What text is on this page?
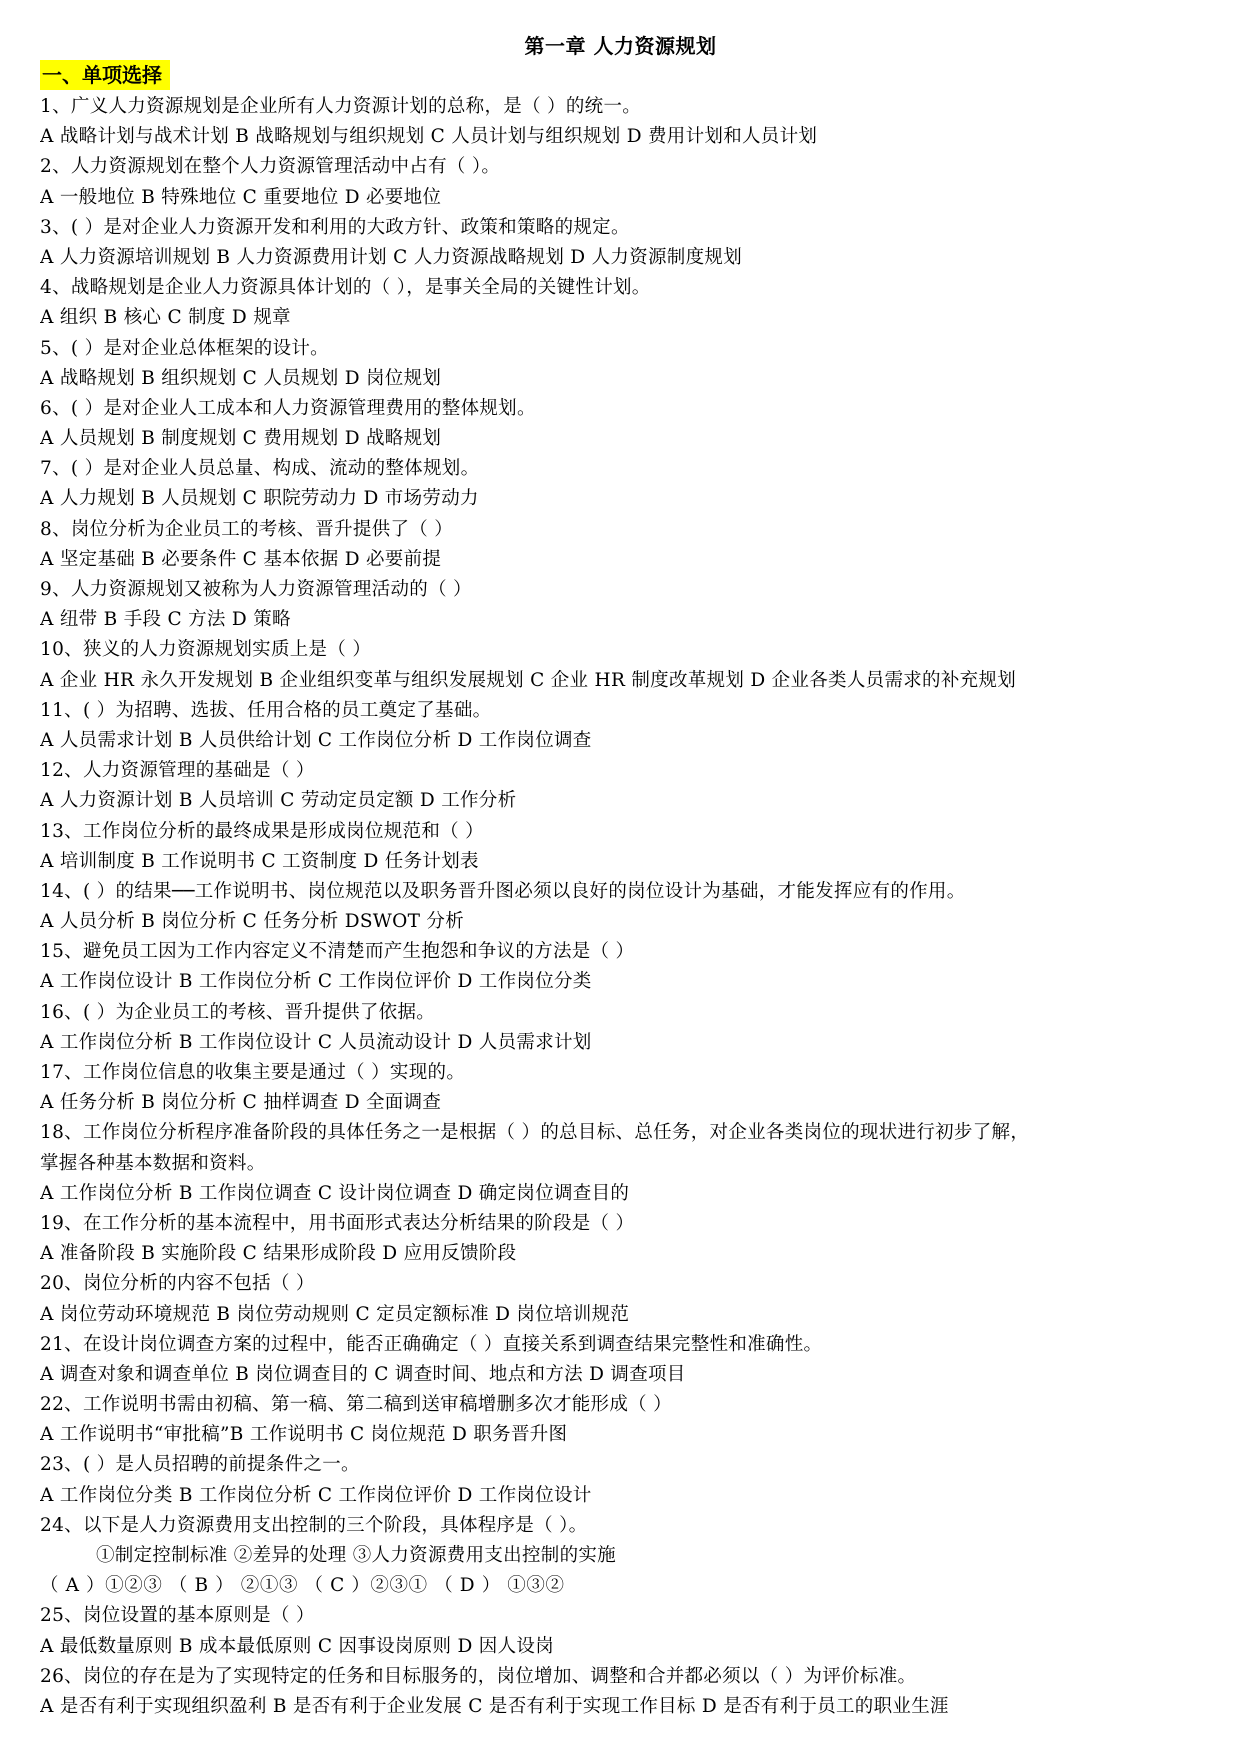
第一章 人力资源规划
一、单项选择
1、广义人力资源规划是企业所有人力资源计划的总称，是（ ）的统一。
A 战略计划与战术计划 B 战略规划与组织规划 C 人员计划与组织规划 D 费用计划和人员计划
2、人力资源规划在整个人力资源管理活动中占有（ ）。
A 一般地位 B 特殊地位 C 重要地位 D 必要地位
3、( ）是对企业人力资源开发和利用的大政方针、政策和策略的规定。
A 人力资源培训规划 B 人力资源费用计划 C 人力资源战略规划 D 人力资源制度规划
4、战略规划是企业人力资源具体计划的（ ），是事关全局的关键性计划。
A 组织 B 核心 C 制度 D 规章
5、( ）是对企业总体框架的设计。
A 战略规划 B 组织规划 C 人员规划 D 岗位规划
6、( ）是对企业人工成本和人力资源管理费用的整体规划。
A 人员规划 B 制度规划 C 费用规划 D 战略规划
7、( ）是对企业人员总量、构成、流动的整体规划。
A 人力规划 B 人员规划 C 职院劳动力 D 市场劳动力
8、岗位分析为企业员工的考核、晋升提供了（ ）
A 坚定基础 B 必要条件 C 基本依据 D 必要前提
9、人力资源规划又被称为人力资源管理活动的（ ）
A 纽带 B 手段 C 方法 D 策略
10、狭义的人力资源规划实质上是（ ）
A 企业 HR 永久开发规划 B 企业组织变革与组织发展规划 C 企业 HR 制度改革规划 D 企业各类人员需求的补充规划
11、( ）为招聘、选拔、任用合格的员工奠定了基础。
A 人员需求计划 B 人员供给计划 C 工作岗位分析 D 工作岗位调查
12、人力资源管理的基础是（ ）
A 人力资源计划 B 人员培训 C 劳动定员定额 D 工作分析
13、工作岗位分析的最终成果是形成岗位规范和（ ）
A 培训制度 B 工作说明书 C 工资制度 D 任务计划表
14、( ）的结果──工作说明书、岗位规范以及职务晋升图必须以良好的岗位设计为基础，才能发挥应有的作用。
A 人员分析 B 岗位分析 C 任务分析 DSWOT 分析
15、避免员工因为工作内容定义不清楚而产生抱怨和争议的方法是（ ）
A 工作岗位设计 B 工作岗位分析 C 工作岗位评价 D 工作岗位分类
16、( ）为企业员工的考核、晋升提供了依据。
A 工作岗位分析 B 工作岗位设计 C 人员流动设计 D 人员需求计划
17、工作岗位信息的收集主要是通过（ ）实现的。
A 任务分析 B 岗位分析 C 抽样调查 D 全面调查
18、工作岗位分析程序准备阶段的具体任务之一是根据（ ）的总目标、总任务，对企业各类岗位的现状进行初步了解，
掌握各种基本数据和资料。
A 工作岗位分析 B 工作岗位调查 C 设计岗位调查 D 确定岗位调查目的
19、在工作分析的基本流程中，用书面形式表达分析结果的阶段是（ ）
A 准备阶段 B 实施阶段 C 结果形成阶段 D 应用反馈阶段
20、岗位分析的内容不包括（ ）
A 岗位劳动环境规范 B 岗位劳动规则 C 定员定额标准 D 岗位培训规范
21、在设计岗位调查方案的过程中，能否正确确定（ ）直接关系到调查结果完整性和准确性。
A 调查对象和调查单位 B 岗位调查目的 C 调查时间、地点和方法 D 调查项目
22、工作说明书需由初稿、第一稿、第二稿到送审稿增删多次才能形成（ ）
A 工作说明书“审批稿”B 工作说明书 C 岗位规范 D 职务晋升图
23、( ）是人员招聘的前提条件之一。
A 工作岗位分类 B 工作岗位分析 C 工作岗位评价 D 工作岗位设计
24、以下是人力资源费用支出控制的三个阶段，具体程序是（ ）。
①制定控制标准 ②差异的处理 ③人力资源费用支出控制的实施
（ A ）①②③ （ B ） ②①③ （ C ）②③① （ D ） ①③②
25、岗位设置的基本原则是（ ）
A 最低数量原则 B 成本最低原则 C 因事设岗原则 D 因人设岗
26、岗位的存在是为了实现特定的任务和目标服务的，岗位增加、调整和合并都必须以（ ）为评价标准。
A 是否有利于实现组织盈利 B 是否有利于企业发展 C 是否有利于实现工作目标 D 是否有利于员工的职业生涯
